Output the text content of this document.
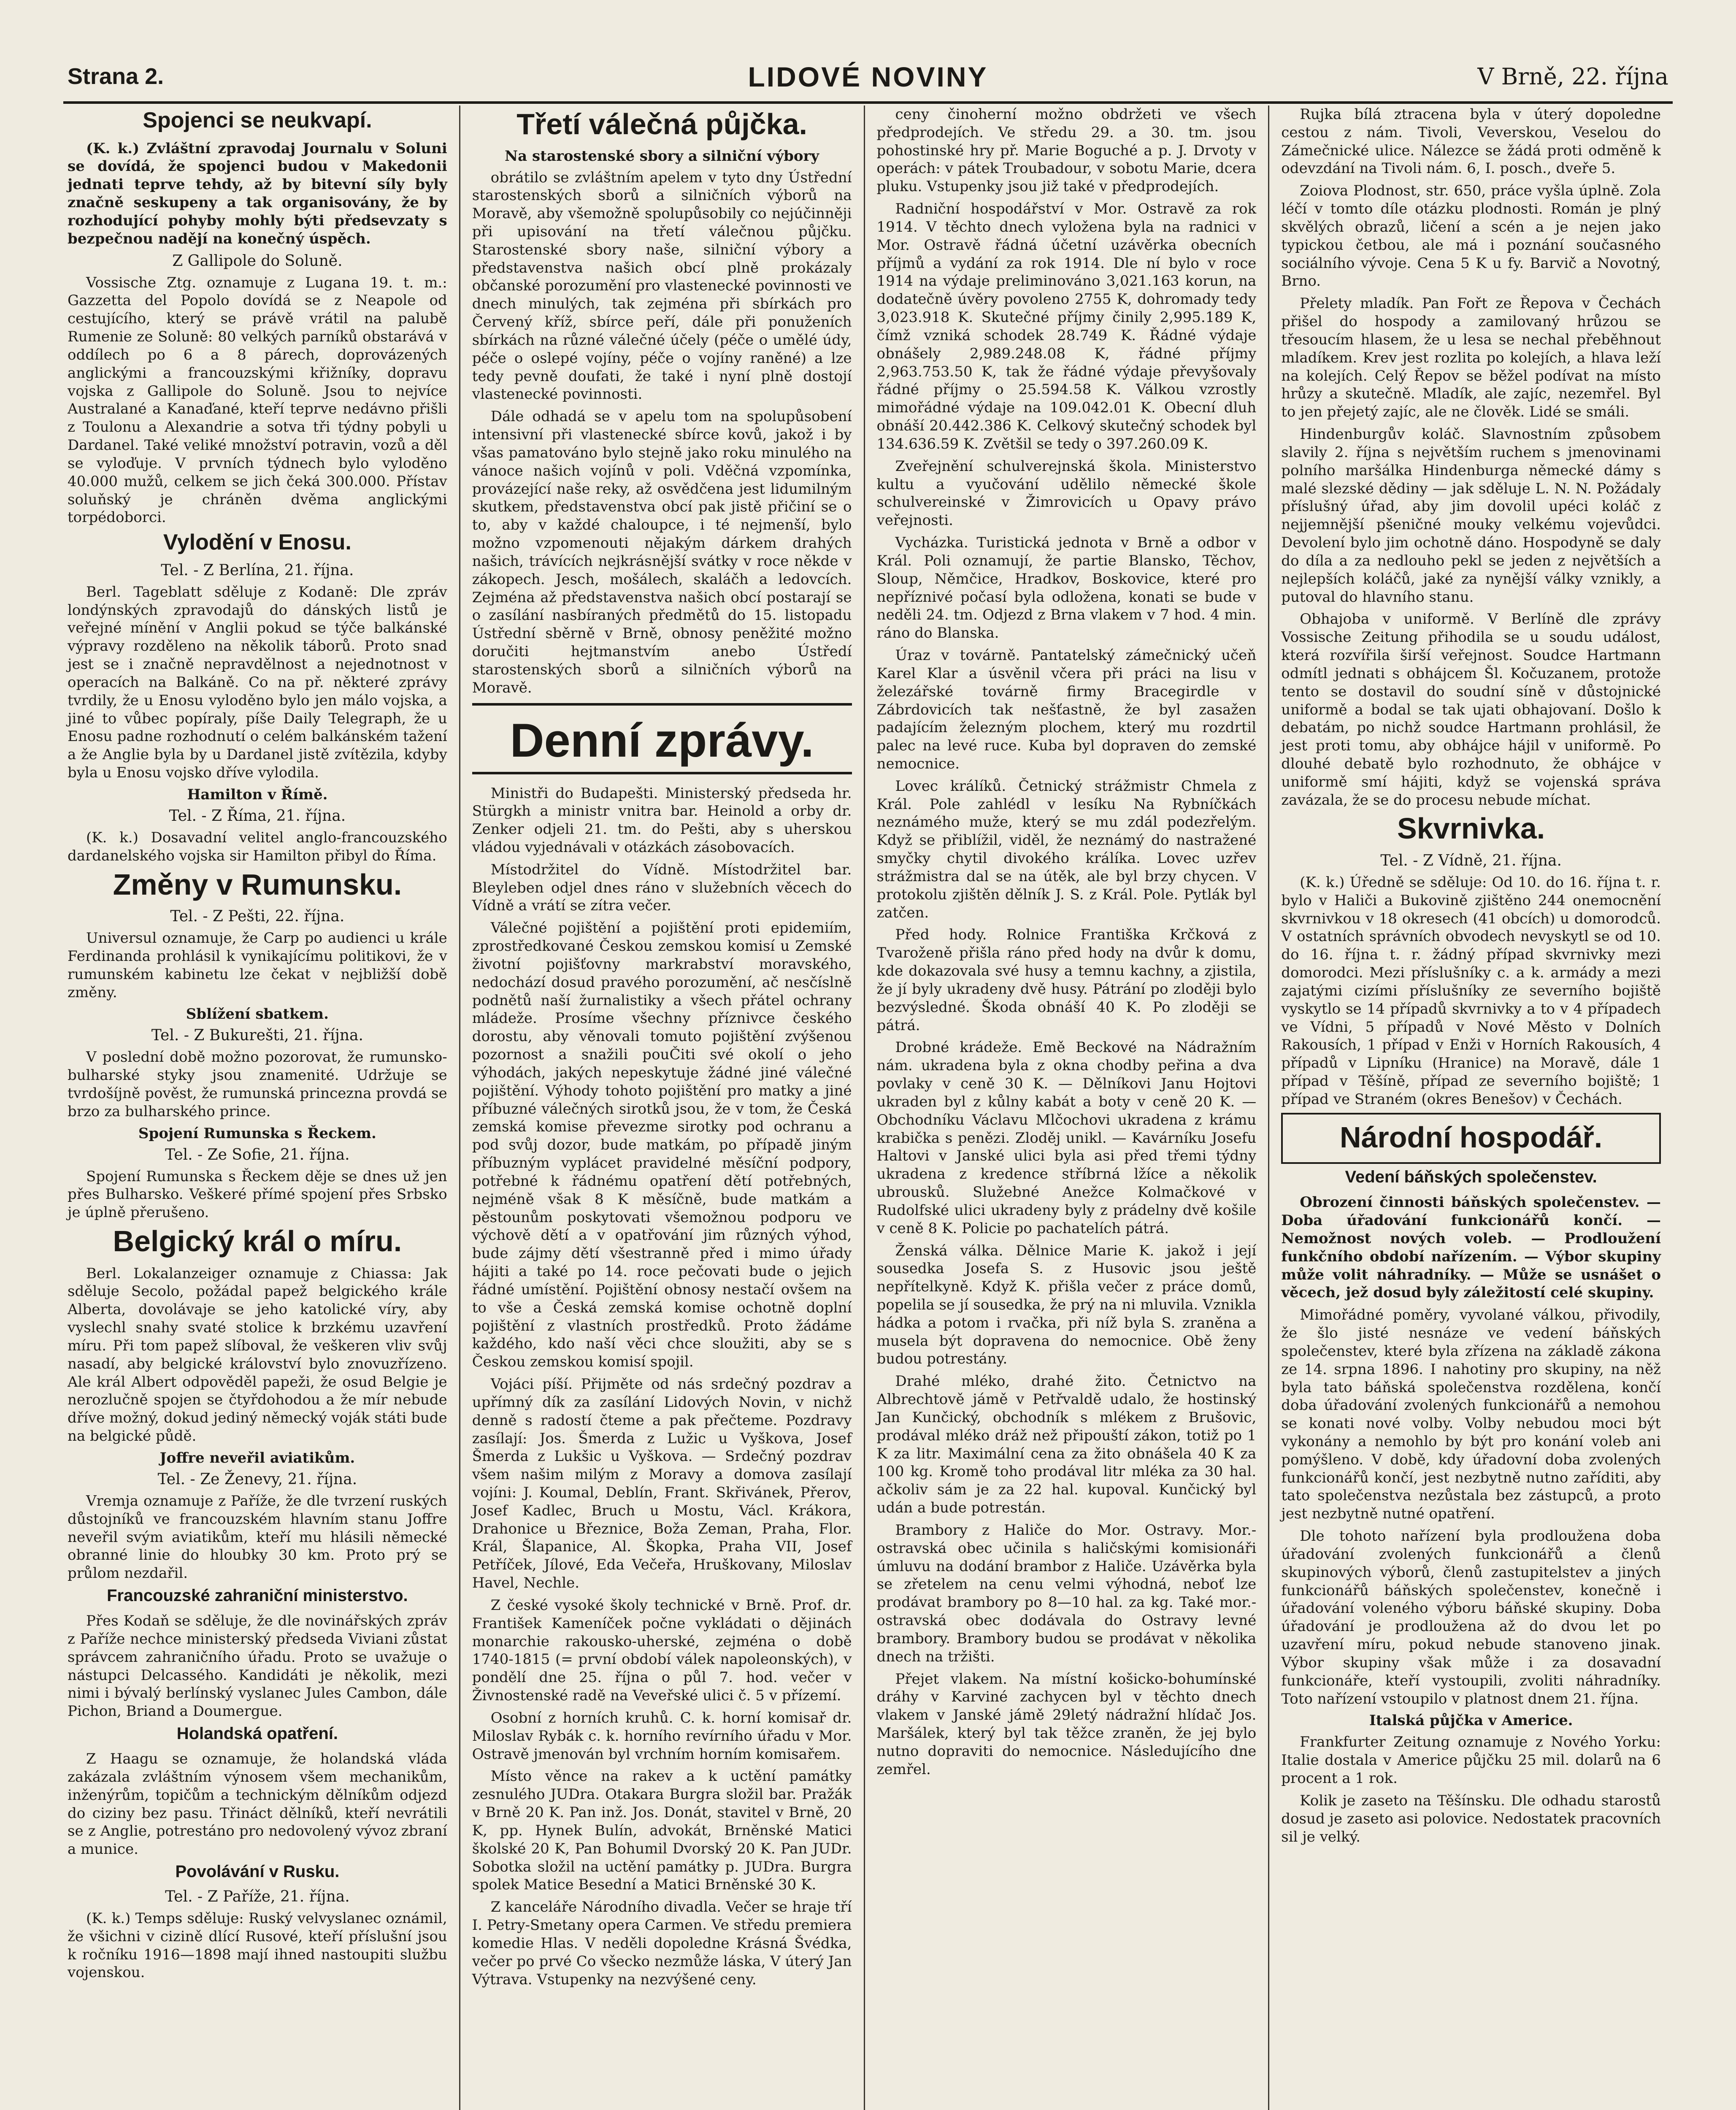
Strana 2.	LIDOVÉ NOVINY	V Brně, 22. října
Spojenci se neukvapí.

(K. k.) Zvláštní zpravodaj Journalu v Soluni se dovídá, že spojenci budou v Makedonii jednati teprve tehdy, až by bitevní síly byly značně seskupeny a tak organisovány, že by rozhodující pohyby mohly býti předsevzaty s bezpečnou nadějí na konečný úspěch.

Z Gallipole do Soluně.

Vossische Ztg. oznamuje z Lugana 19. t. m.: Gazzetta del Popolo dovídá se z Neapole od cestujícího, který se právě vrátil na palubě Rumenie ze Soluně: 80 velkých parníků obstarává v oddílech po 6 a 8 párech, doprovázených anglickými a francouzskými křižníky, dopravu vojska z Gallipole do Soluně. Jsou to nejvíce Australané a Kanaďané, kteří teprve nedávno přišli z Toulonu a Alexandrie a sotva tři týdny pobyli u Dardanel. Také veliké množství potravin, vozů a děl se vyloďuje. V prvních týdnech bylo vyloděno 40.000 mužů, celkem se jich čeká 300.000. Přístav soluňský je chráněn dvěma anglickými torpédoborci.

Vylodění v Enosu.
Tel. - Z Berlína, 21. října.

Berl. Tageblatt sděluje z Kodaně: Dle zpráv londýnských zpravodajů do dánských listů je veřejné mínění v Anglii pokud se týče balkánské výpravy rozděleno na několik táborů. Proto snad jest se i značně nepravdělnost a nejednotnost v operacích na Balkáně. Co na př. některé zprávy tvrdily, že u Enosu vyloděno bylo jen málo vojska, a jiné to vůbec popíraly, píše Daily Telegraph, že u Enosu padne rozhodnutí o celém balkánském tažení a že Anglie byla by u Dardanel jistě zvítězila, kdyby byla u Enosu vojsko dříve vylodila.

Hamilton v Římě.
Tel. - Z Říma, 21. října.

(K. k.) Dosavadní velitel anglo-francouzského dardanelského vojska sir Hamilton přibyl do Říma.

Změny v Rumunsku.
Tel. - Z Pešti, 22. října.

Universul oznamuje, že Carp po audienci u krále Ferdinanda prohlásil k vynikajícímu politikovi, že v rumunském kabinetu lze čekat v nejbližší době změny.

Sblížení sbatkem.
Tel. - Z Bukurešti, 21. října.

V poslední době možno pozorovat, že rumunsko-bulharské styky jsou znamenité. Udržuje se tvrdošíjně pověst, že rumunská princezna provdá se brzo za bulharského prince.

Spojení Rumunska s Řeckem.
Tel. - Ze Sofie, 21. října.

Spojení Rumunska s Řeckem děje se dnes už jen přes Bulharsko. Veškeré přímé spojení přes Srbsko je úplně přerušeno.

Belgický král o míru.

Berl. Lokalanzeiger oznamuje z Chiassa: Jak sděluje Secolo, požádal papež belgického krále Alberta, dovolávaje se jeho katolické víry, aby vyslechl snahy svaté stolice k brzkému uzavření míru. Při tom papež slíboval, že veškeren vliv svůj nasadí, aby belgické království bylo znovuzřízeno. Ale král Albert odpověděl papeži, že osud Belgie je nerozlučně spojen se čtyřdohodou a že mír nebude dříve možný, dokud jediný německý voják státi bude na belgické půdě.

Joffre neveřil aviatikům.
Tel. - Ze Ženevy, 21. října.

Vremja oznamuje z Paříže, že dle tvrzení ruských důstojníků ve francouzském hlavním stanu Joffre neveřil svým aviatikům, kteří mu hlásili německé obranné linie do hloubky 30 km. Proto prý se průlom nezdařil.

Francouzské zahraniční ministerstvo.

Přes Kodaň se sděluje, že dle novinářských zpráv z Paříže nechce ministerský předseda Viviani zůstat správcem zahraničního úřadu. Proto se uvažuje o nástupci Delcassého. Kandidáti je několik, mezi nimi i bývalý berlínský vyslanec Jules Cambon, dále Pichon, Briand a Doumergue.

Holandská opatření.

Z Haagu se oznamuje, že holandská vláda zakázala zvláštním výnosem všem mechanikům, inženýrům, topičům a technickým dělníkům odjezd do ciziny bez pasu. Třináct dělníků, kteří nevrátili se z Anglie, potrestáno pro nedovolený vývoz zbraní a munice.

Povolávání v Rusku.
Tel. - Z Paříže, 21. října.

(K. k.) Temps sděluje: Ruský velvyslanec oznámil, že všichni v cizině dlící Rusové, kteří příslušní jsou k ročníku 1916—1898 mají ihned nastoupiti službu vojenskou.

Třetí válečná půjčka.
Na starostenské sbory a silniční výbory

obrátilo se zvláštním apelem v tyto dny Ústřední starostenských sborů a silničních výborů na Moravě, aby všemožně spolupůsobily co nejúčinněji při upisování na třetí válečnou půjčku. Starostenské sbory naše, silniční výbory a představenstva našich obcí plně prokázaly občanské porozumění pro vlastenecké povinnosti ve dnech minulých, tak zejména při sbírkách pro Červený kříž, sbírce peří, dále při ponuženích sbírkách na různé válečné účely (péče o umělé údy, péče o oslepé vojíny, péče o vojíny raněné) a lze tedy pevně doufati, že také i nyní plně dostojí vlastenecké povinnosti.

Dále odhadá se v apelu tom na spolupůsobení intensivní při vlastenecké sbírce kovů, jakož i by všas pamatováno bylo stejně jako roku minulého na vánoce našich vojínů v poli. Vděčná vzpomínka, provázející naše reky, až osvědčena jest lidumilným skutkem, představenstva obcí pak jistě přičiní se o to, aby v každé chaloupce, i té nejmenší, bylo možno vzpomenouti nějakým dárkem drahých našich, trávících nejkrásnější svátky v roce někde v zákopech. Jesch, mošálech, skaláčh a ledovcích. Zejména až představenstva našich obcí postarají se o zasílání nasbíraných předmětů do 15. listopadu Ústřední sběrně v Brně, obnosy peněžité možno doručiti hejtmanstvím anebo Ústředí starostenských sborů a silničních výborů na Moravě.

Denní zprávy.

Ministři do Budapešti. Ministerský předseda hr. Stürgkh a ministr vnitra bar. Heinold a orby dr. Zenker odjeli 21. tm. do Pešti, aby s uherskou vládou vyjednávali v otázkách zásobovacích.

Místodržitel do Vídně. Místodržitel bar. Bleyleben odjel dnes ráno v služebních věcech do Vídně a vrátí se zítra večer.

Válečné pojištění a pojištění proti epidemiím, zprostředkované Českou zemskou komisí u Zemské životní pojišťovny markrabství moravského, nedochází dosud pravého porozumění, ač nesčíslně podnětů naší žurnalistiky a všech přátel ochrany mládeže. Prosíme všechny příznivce českého dorostu, aby věnovali tomuto pojištění zvýšenou pozornost a snažili pouČiti své okolí o jeho výhodách, jakých nepeskytuje žádné jiné válečné pojištění. Výhody tohoto pojištění pro matky a jiné příbuzné válečných sirotků jsou, že v tom, že Česká zemská komise převezme sirotky pod ochranu a pod svůj dozor, bude matkám, po případě jiným příbuzným vyplácet pravidelné měsíční podpory, potřebné k řádnému opatření dětí potřebných, nejméně však 8 K měsíčně, bude matkám a pěstounům poskytovati všemožnou podporu ve výchově dětí a v opatřování jim různých výhod, bude zájmy dětí všestranně před i mimo úřady hájiti a také po 14. roce pečovati bude o jejich řádné umístění. Pojištění obnosy nestačí ovšem na to vše a Česká zemská komise ochotně doplní pojištění z vlastních prostředků. Proto žádáme každého, kdo naší věci chce sloužiti, aby se s Českou zemskou komisí spojil.

Vojáci píší. Přijměte od nás srdečný pozdrav a upřímný dík za zasílání Lidových Novin, v nichž denně s radostí čteme a pak přečteme. Pozdravy zasílají: Jos. Šmerda z Lužic u Vyškova, Josef Šmerda z Lukšic u Vyškova. — Srdečný pozdrav všem našim milým z Moravy a domova zasílají vojíni: J. Koumal, Deblín, Frant. Skřivánek, Přerov, Josef Kadlec, Bruch u Mostu, Václ. Krákora, Drahonice u Březnice, Boža Zeman, Praha, Flor. Král, Šlapanice, Al. Škopka, Praha VII, Josef Petříček, Jílové, Eda Večeřa, Hruškovany, Miloslav Havel, Nechle.

Z české vysoké školy technické v Brně. Prof. dr. František Kameníček počne vykládati o dějinách monarchie rakousko-uherské, zejména o době 1740-1815 (= první období válek napoleonských), v pondělí dne 25. října o půl 7. hod. večer v Živnostenské radě na Veveřské ulici č. 5 v přízemí.

Osobní z horních kruhů. C. k. horní komisař dr. Miloslav Rybák c. k. horního revírního úřadu v Mor. Ostravě jmenován byl vrchním horním komisařem.

Místo věnce na rakev a k uctění památky zesnulého JUDra. Otakara Burgra složil bar. Pražák v Brně 20 K. Pan inž. Jos. Donát, stavitel v Brně, 20 K, pp. Hynek Bulín, advokát, Brněnské Matici školské 20 K, Pan Bohumil Dvorský 20 K. Pan JUDr. Sobotka složil na uctění památky p. JUDra. Burgra spolek Matice Besední a Matici Brněnské 30 K.

Z kanceláře Národního divadla. Večer se hraje tří I. Petry-Smetany opera Carmen. Ve středu premiera komedie Hlas. V neděli dopoledne Krásná Švédka, večer po prvé Co všecko nezmůže láska, V úterý Jan Výtrava. Vstupenky na nezvýšené ceny.

ceny činoherní možno obdržeti ve všech předprodejích. Ve středu 29. a 30. tm. jsou pohostinské hry př. Marie Boguché a p. J. Drvoty v operách: v pátek Troubadour, v sobotu Marie, dcera pluku. Vstupenky jsou již také v předprodejích.

Radniční hospodářství v Mor. Ostravě za rok 1914. V těchto dnech vyložena byla na radnici v Mor. Ostravě řádná účetní uzávěrka obecních příjmů a vydání za rok 1914. Dle ní bylo v roce 1914 na výdaje preliminováno 3,021.163 korun, na dodatečně úvěry povoleno 2755 K, dohromady tedy 3,023.918 K. Skutečné příjmy činily 2,995.189 K, čímž vzniká schodek 28.749 K. Řádné výdaje obnášely 2,989.248.08 K, řádné příjmy 2,963.753.50 K, tak že řádné výdaje převyšovaly řádné příjmy o 25.594.58 K. Válkou vzrostly mimořádné výdaje na 109.042.01 K. Obecní dluh obnáší 20.442.386 K. Celkový skutečný schodek byl 134.636.59 K. Zvětšil se tedy o 397.260.09 K.

Zveřejnění schulverejnská škola. Ministerstvo kultu a vyučování udělilo německé škole schulvereinské v Žimrovicích u Opavy právo veřejnosti.

Vycházka. Turistická jednota v Brně a odbor v Král. Poli oznamují, že partie Blansko, Těchov, Sloup, Němčice, Hradkov, Boskovice, které pro nepříznivé počasí byla odložena, konati se bude v neděli 24. tm. Odjezd z Brna vlakem v 7 hod. 4 min. ráno do Blanska.

Úraz v továrně. Pantatelský zámečnický učeň Karel Klar a úsvěnil včera při práci na lisu v železářské továrně firmy Bracegirdle v Zábrdovicích tak nešťastně, že byl zasažen padajícím železným plochem, který mu rozdrtil palec na levé ruce. Kuba byl dopraven do zemské nemocnice.

Lovec králíků. Četnický strážmistr Chmela z Král. Pole zahlédl v lesíku Na Rybníčkách neznámého muže, který se mu zdál podezřelým. Když se přiblížil, viděl, že neznámý do nastražené smyčky chytil divokého králíka. Lovec uzřev strážmistra dal se na útěk, ale byl brzy chycen. V protokolu zjištěn dělník J. S. z Král. Pole. Pytlák byl zatčen.

Před hody. Rolnice Františka Krčková z Tvaroženě přišla ráno před hody na dvůr k domu, kde dokazovala své husy a temnu kachny, a zjistila, že jí byly ukradeny dvě husy. Pátrání po zloději bylo bezvýsledné. Škoda obnáší 40 K. Po zloději se pátrá.

Drobné krádeže. Emě Beckové na Nádražním nám. ukradena byla z okna chodby peřina a dva povlaky v ceně 30 K. — Dělníkovi Janu Hojtovi ukraden byl z kůlny kabát a boty v ceně 20 K. — Obchodníku Václavu Mlčochovi ukradena z krámu krabička s penězi. Zloděj unikl. — Kavárníku Josefu Haltovi v Janské ulici byla asi před třemi týdny ukradena z kredence stříbrná lžíce a několik ubrousků. Služebné Anežce Kolmačkové v Rudolfské ulici ukradeny byly z prádelny dvě košile v ceně 8 K. Policie po pachatelích pátrá.

Ženská válka. Dělnice Marie K. jakož i její sousedka Josefa S. z Husovic jsou ještě nepřítelkyně. Když K. přišla večer z práce domů, popelila se jí sousedka, že prý na ni mluvila. Vznikla hádka a potom i rvačka, při níž byla S. zraněna a musela být dopravena do nemocnice. Obě ženy budou potrestány.

Drahé mléko, drahé žito. Četnictvo na Albrechtově jámě v Petřvaldě udalo, že hostinský Jan Kunčický, obchodník s mlékem z Brušovic, prodával mléko dráž než připouští zákon, totiž po 1 K za litr. Maximální cena za žito obnášela 40 K za 100 kg. Kromě toho prodával litr mléka za 30 hal. ačkoliv sám je za 22 hal. kupoval. Kunčický byl udán a bude potrestán.

Brambory z Haliče do Mor. Ostravy. Mor.-ostravská obec učinila s haličskými komisionáři úmluvu na dodání brambor z Haliče. Uzávěrka byla se zřetelem na cenu velmi výhodná, neboť lze prodávat brambory po 8—10 hal. za kg. Také mor.-ostravská obec dodávala do Ostravy levné brambory. Brambory budou se prodávat v několika dnech na tržišti.

Přejet vlakem. Na místní košicko-bohumínské dráhy v Karviné zachycen byl v těchto dnech vlakem v Janské jámě 29letý nádražní hlídač Jos. Maršálek, který byl tak těžce zraněn, že jej bylo nutno dopraviti do nemocnice. Následujícího dne zemřel.

Rujka bílá ztracena byla v úterý dopoledne cestou z nám. Tivoli, Veverskou, Veselou do Zámečnické ulice. Nálezce se žádá proti odměně k odevzdání na Tivoli nám. 6, I. posch., dveře 5.

Zoiova Plodnost, str. 650, práce vyšla úplně. Zola léčí v tomto díle otázku plodnosti. Román je plný skvělých obrazů, ličení a scén a je nejen jako typickou četbou, ale má i poznání současného sociálního vývoje. Cena 5 K u fy. Barvič a Novotný, Brno.

Přelety mladík. Pan Fořt ze Řepova v Čechách přišel do hospody a zamilovaný hrůzou se třesoucím hlasem, že u lesa se nechal přeběhnout mladíkem. Krev jest rozlita po kolejích, a hlava leží na kolejích. Celý Řepov se běžel podívat na místo hrůzy a skutečně. Mladík, ale zajíc, nezemřel. Byl to jen přejetý zajíc, ale ne člověk. Lidé se smáli.

Hindenburgův koláč. Slavnostním způsobem slavily 2. října s největším ruchem s jmenovinami polního maršálka Hindenburga německé dámy s malé slezské dědiny — jak sděluje L. N. N. Požádaly příslušný úřad, aby jim dovolil upéci koláč z nejjemnější pšeničné mouky velkému vojevůdci. Devolení bylo jim ochotně dáno. Hospodyně se daly do díla a za nedlouho pekl se jeden z největších a nejlepších koláčů, jaké za nynější války vznikly, a putoval do hlavního stanu.

Obhajoba v uniformě. V Berlíně dle zprávy Vossische Zeitung přihodila se u soudu událost, která rozvířila širší veřejnost. Soudce Hartmann odmítl jednati s obhájcem Šl. Kočuzanem, protože tento se dostavil do soudní síně v důstojnické uniformě a bodal se tak ujati obhajovaní. Došlo k debatám, po nichž soudce Hartmann prohlásil, že jest proti tomu, aby obhájce hájil v uniformě. Po dlouhé debatě bylo rozhodnuto, že obhájce v uniformě smí hájiti, když se vojenská správa zavázala, že se do procesu nebude míchat.

Skvrnivka.
Tel. - Z Vídně, 21. října.

(K. k.) Úředně se sděluje: Od 10. do 16. října t. r. bylo v Haliči a Bukovině zjištěno 244 onemocnění skvrnivkou v 18 okresech (41 obcích) u domorodců. V ostatních správních obvodech nevyskytl se od 10. do 16. října t. r. žádný případ skvrnivky mezi domorodci. Mezi příslušníky c. a k. armády a mezi zajatými cizími příslušníky ze severního bojiště vyskytlo se 14 případů skvrnivky a to v 4 případech ve Vídni, 5 případů v Nové Město v Dolních Rakousích, 1 případ v Enži v Horních Rakousích, 4 případů v Lipníku (Hranice) na Moravě, dále 1 případ v Těšíně, případ ze severního bojiště; 1 případ ve Straném (okres Benešov) v Čechách.

Národní hospodář.
Vedení báňských společenstev.

Obrození činnosti báňských společenstev. — Doba úřadování funkcionářů končí. — Nemožnost nových voleb. — Prodloužení funkčního období nařízením. — Výbor skupiny může volit náhradníky. — Může se usnášet o věcech, jež dosud byly záležitostí celé skupiny.

Mimořádné poměry, vyvolané válkou, přivodily, že šlo jisté nesnáze ve vedení báňských společenstev, které byla zřízena na základě zákona ze 14. srpna 1896. I nahotiny pro skupiny, na něž byla tato báňská společenstva rozdělena, končí doba úřadování zvolených funkcionářů a nemohou se konati nové volby. Volby nebudou moci být vykonány a nemohlo by být pro konání voleb ani pomýšleno. V době, kdy úřadovní doba zvolených funkcionářů končí, jest nezbytně nutno zaříditi, aby tato společenstva nezůstala bez zástupců, a proto jest nezbytně nutné opatření.

Dle tohoto nařízení byla prodloužena doba úřadování zvolených funkcionářů a členů skupinových výborů, členů zastupitelstev a jiných funkcionářů báňských společenstev, konečně i úřadování voleného výboru báňské skupiny. Doba úřadování je prodloužena až do dvou let po uzavření míru, pokud nebude stanoveno jinak. Výbor skupiny však může i za dosavadní funkcionáře, kteří vystoupili, zvoliti náhradníky. Toto nařízení vstoupilo v platnost dnem 21. října.

Italská půjčka v Americe.

Frankfurter Zeitung oznamuje z Nového Yorku: Italie dostala v Americe půjčku 25 mil. dolarů na 6 procent a 1 rok.

Kolik je zaseto na Těšínsku. Dle odhadu starostů dosud je zaseto asi polovice. Nedostatek pracovních sil je velký.
